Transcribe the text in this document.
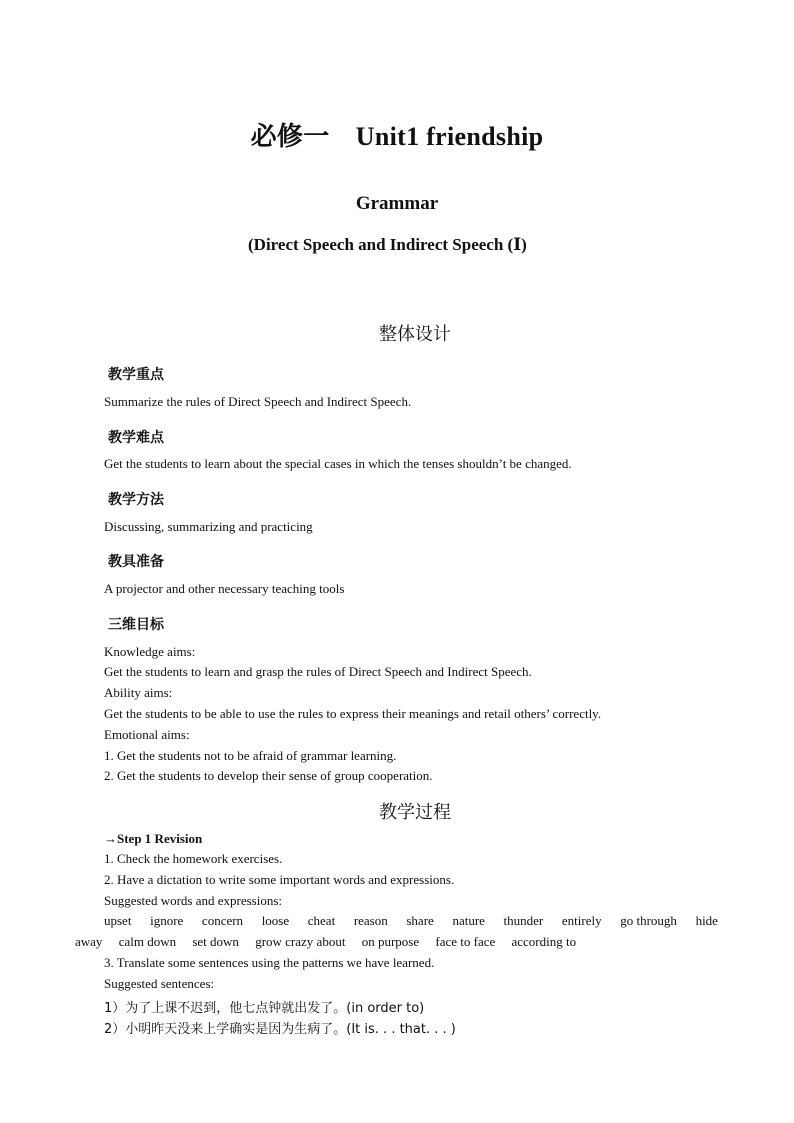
必修一　Unit1 friendship
Grammar
(Direct Speech and Indirect Speech (Ⅰ)
整体设计
教学重点
Summarize the rules of Direct Speech and Indirect Speech.
教学难点
Get the students to learn about the special cases in which the tenses shouldn’t be changed.
教学方法
Discussing, summarizing and practicing
教具准备
A projector and other necessary teaching tools
三维目标
Knowledge aims:
Get the students to learn and grasp the rules of Direct Speech and Indirect Speech.
Ability aims:
Get the students to be able to use the rules to express their meanings and retail others’ correctly.
Emotional aims:
1. Get the students not to be afraid of grammar learning.
2. Get the students to develop their sense of group cooperation.
教学过程
→Step 1 Revision
1. Check the homework exercises.
2. Have a dictation to write some important words and expressions.
Suggested words and expressions:
upset ignore concern loose cheat reason share nature thunder entirely go through hide
away calm down set down grow crazy about on purpose face to face according to
3. Translate some sentences using the patterns we have learned.
Suggested sentences:
1）为了上课不迟到，他七点钟就出发了。(in order to)
2）小明昨天没来上学确实是因为生病了。(It is. . . that. . . )
